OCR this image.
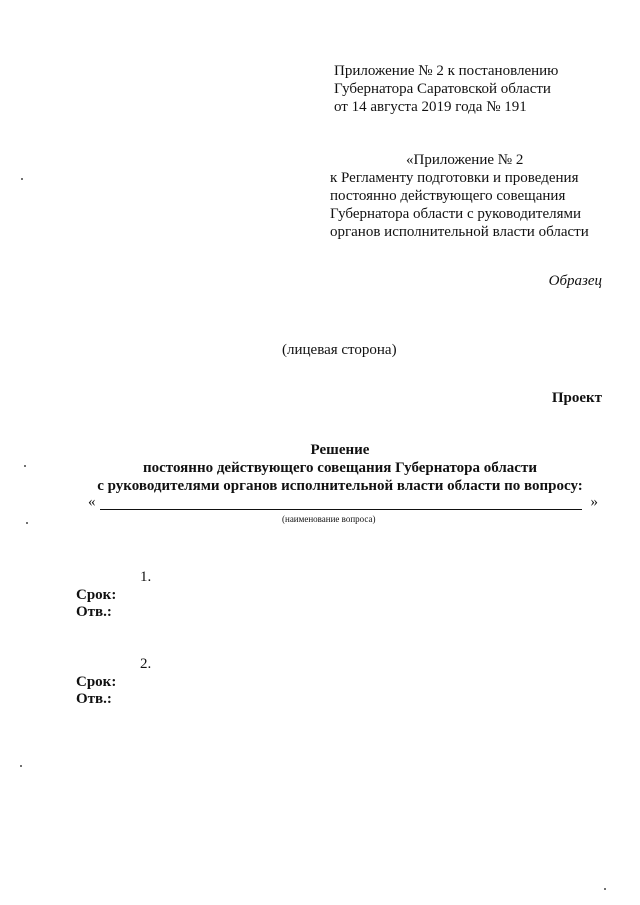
Приложение № 2 к постановлению
Губернатора Саратовской области
от 14 августа 2019 года № 191
«Приложение № 2
к Регламенту подготовки и проведения
постоянно действующего совещания
Губернатора области с руководителями
органов исполнительной власти области
Образец
(лицевая сторона)
Проект
Решение
постоянно действующего совещания Губернатора области
с руководителями органов исполнительной власти области по вопросу:
«	»
(наименование вопроса)
1.
Срок:
Отв.:
2.
Срок:
Отв.:
